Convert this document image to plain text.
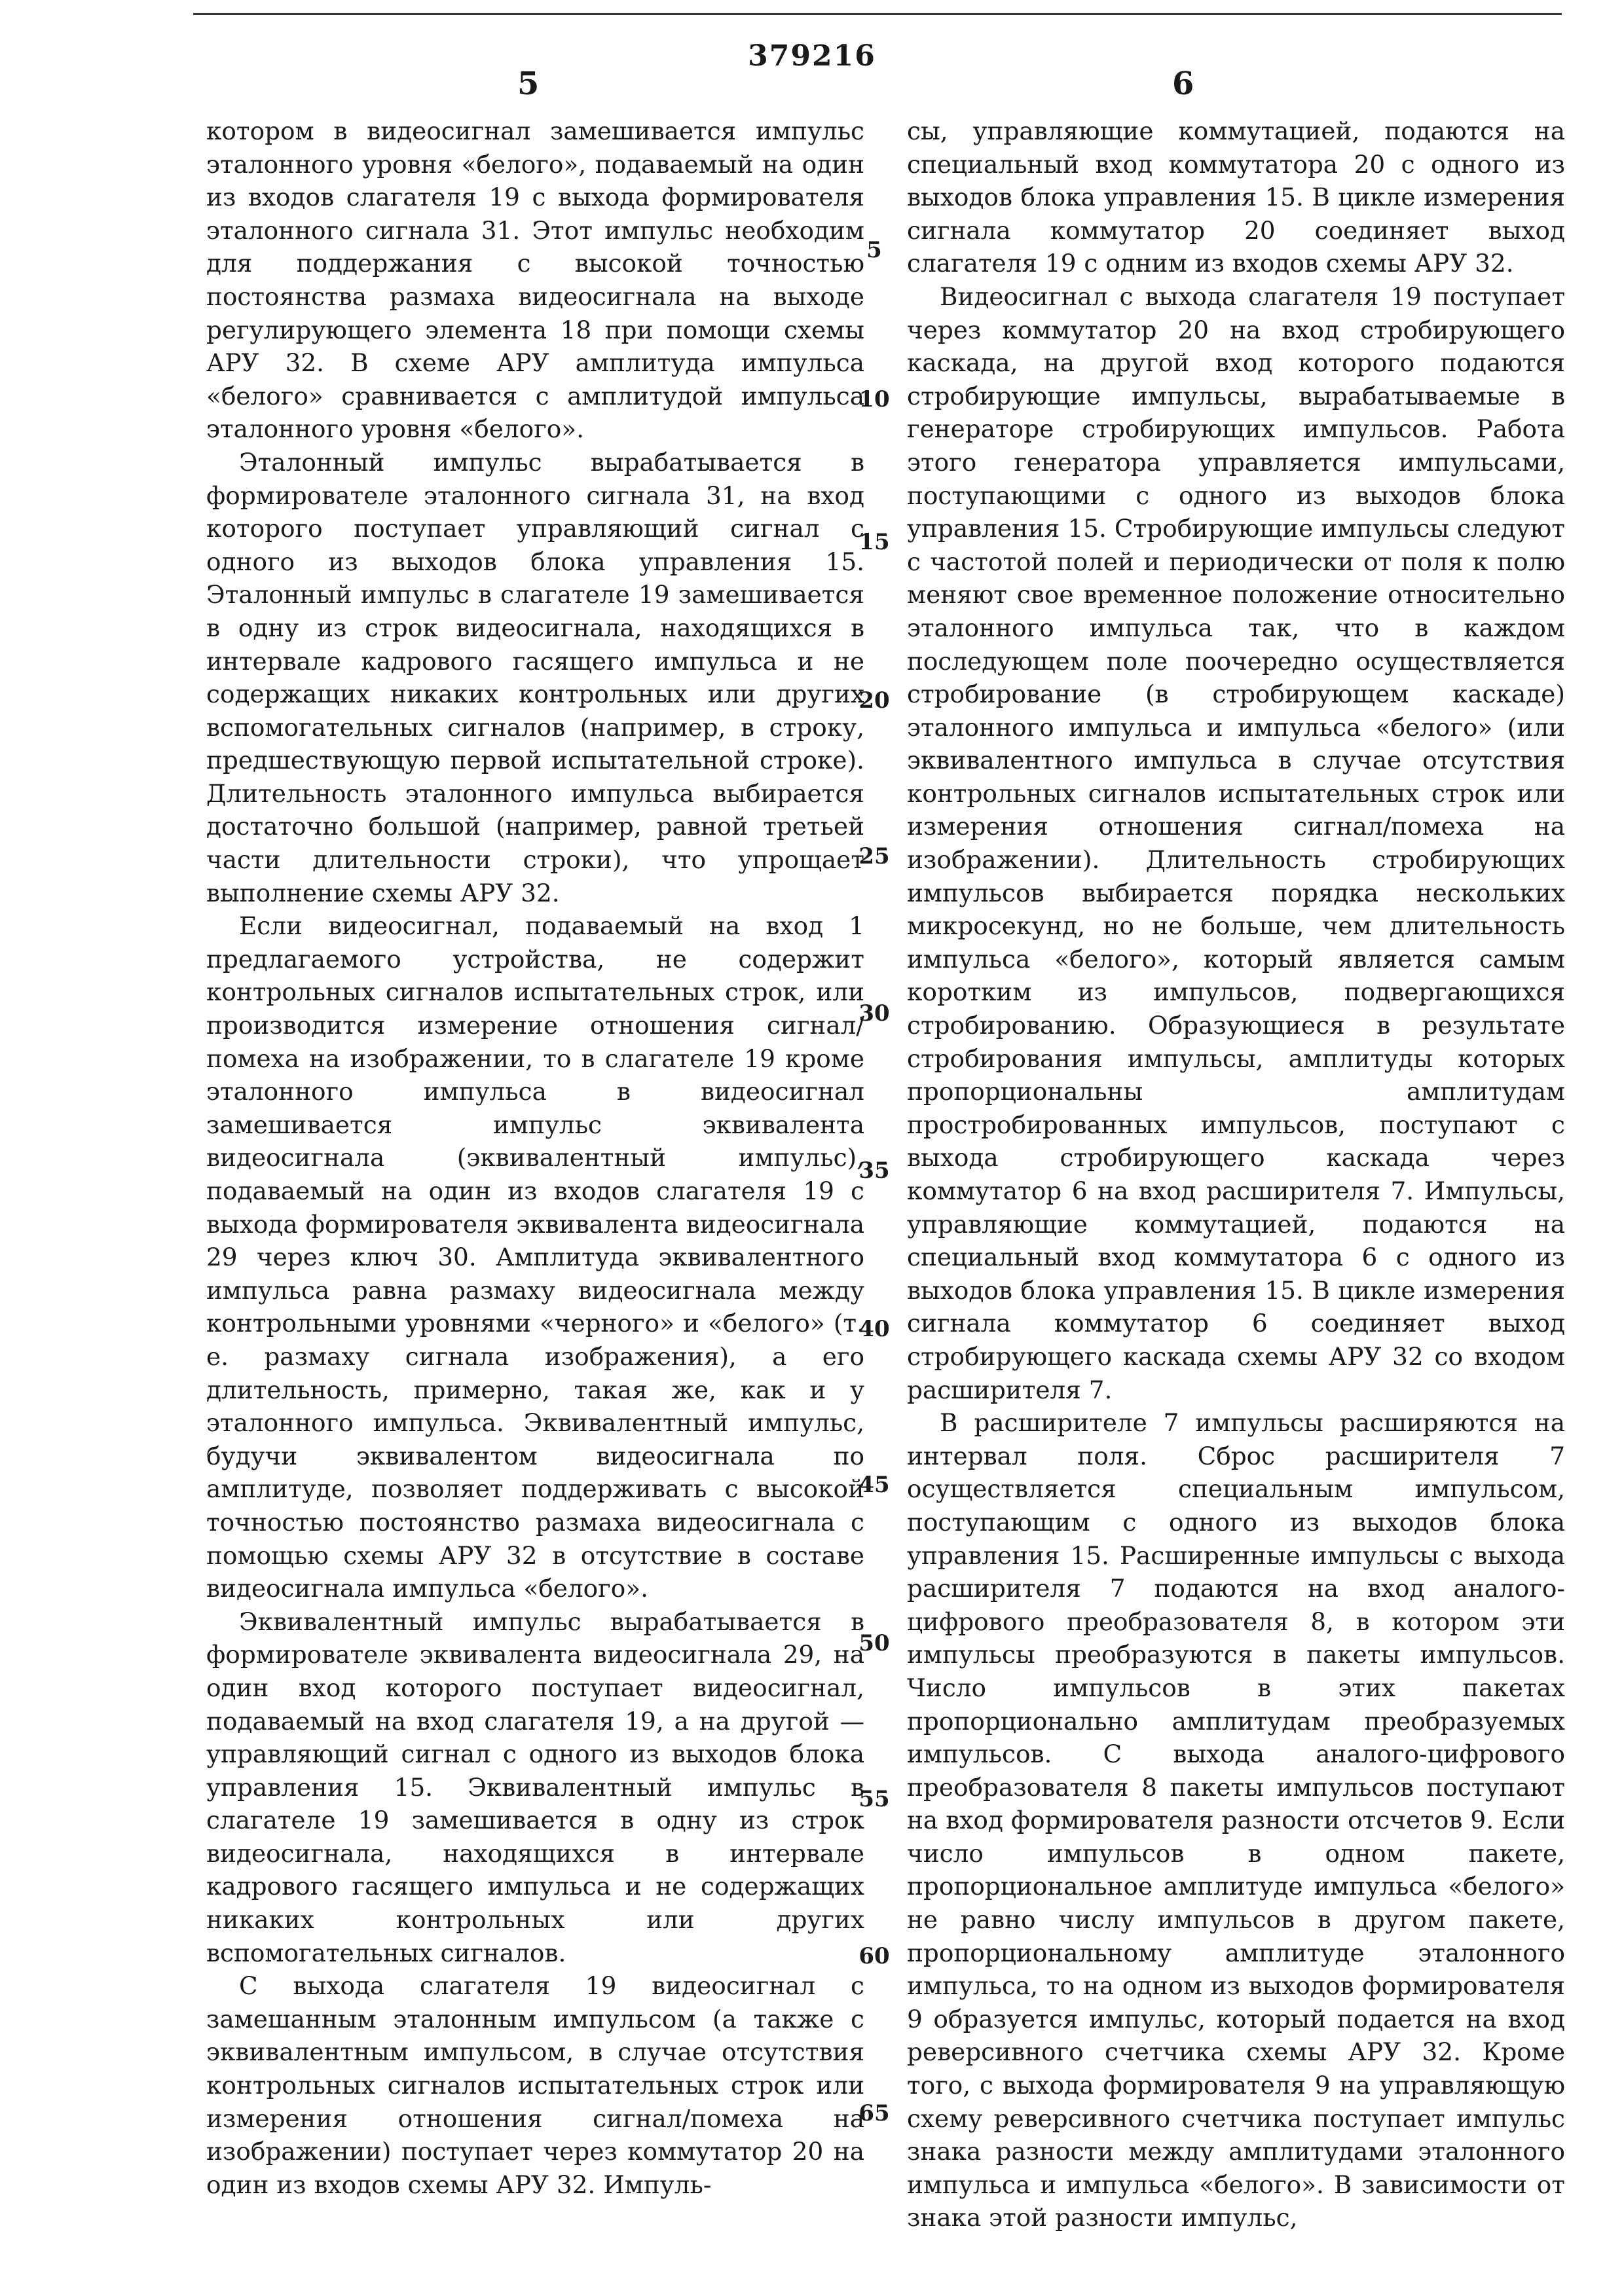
379216
5	6

котором в видеосигнал замешивается импульс эталонного уровня «белого», подаваемый на один из входов слагателя 19 с выхода формирователя эталонного сигнала 31. Этот импульс необходим для поддержания с высокой точностью постоянства размаха видеосигнала на выходе регулирующего элемента 18 при помощи схемы АРУ 32. В схеме АРУ амплитуда импульса «белого» сравнивается с амплитудой импульса эталонного уровня «белого».

Эталонный импульс вырабатывается в формирователе эталонного сигнала 31, на вход которого поступает управляющий сигнал с одного из выходов блока управления 15. Эталонный импульс в слагателе 19 замешивается в одну из строк видеосигнала, находящихся в интервале кадрового гасящего импульса и не содержащих никаких контрольных или других вспомогательных сигналов (например, в строку, предшествующую первой испытательной строке). Длительность эталонного импульса выбирается достаточно большой (например, равной третьей части длительности строки), что упрощает выполнение схемы АРУ 32.

Если видеосигнал, подаваемый на вход 1 предлагаемого устройства, не содержит контрольных сигналов испытательных строк, или производится измерение отношения сигнал/помеха на изображении, то в слагателе 19 кроме эталонного импульса в видеосигнал замешивается импульс эквивалента видеосигнала (эквивалентный импульс), подаваемый на один из входов слагателя 19 с выхода формирователя эквивалента видеосигнала 29 через ключ 30. Амплитуда эквивалентного импульса равна размаху видеосигнала между контрольными уровнями «черного» и «белого» (т. е. размаху сигнала изображения), а его длительность, примерно, такая же, как и у эталонного импульса. Эквивалентный импульс, будучи эквивалентом видеосигнала по амплитуде, позволяет поддерживать с высокой точностью постоянство размаха видеосигнала с помощью схемы АРУ 32 в отсутствие в составе видеосигнала импульса «белого».

Эквивалентный импульс вырабатывается в формирователе эквивалента видеосигнала 29, на один вход которого поступает видеосигнал, подаваемый на вход слагателя 19, а на другой — управляющий сигнал с одного из выходов блока управления 15. Эквивалентный импульс в слагателе 19 замешивается в одну из строк видеосигнала, находящихся в интервале кадрового гасящего импульса и не содержащих никаких контрольных или других вспомогательных сигналов.

С выхода слагателя 19 видеосигнал с замешанным эталонным импульсом (а также с эквивалентным импульсом, в случае отсутствия контрольных сигналов испытательных строк или измерения отношения сигнал/помеха на изображении) поступает через коммутатор 20 на один из входов схемы АРУ 32. Импуль-

5
10
15
20
25
30
35
40
45
50
55
60
65

сы, управляющие коммутацией, подаются на специальный вход коммутатора 20 с одного из выходов блока управления 15. В цикле измерения сигнала коммутатор 20 соединяет выход слагателя 19 с одним из входов схемы АРУ 32.

Видеосигнал с выхода слагателя 19 поступает через коммутатор 20 на вход стробирующего каскада, на другой вход которого подаются стробирующие импульсы, вырабатываемые в генераторе стробирующих импульсов. Работа этого генератора управляется импульсами, поступающими с одного из выходов блока управления 15. Стробирующие импульсы следуют с частотой полей и периодически от поля к полю меняют свое временное положение относительно эталонного импульса так, что в каждом последующем поле поочередно осуществляется стробирование (в стробирующем каскаде) эталонного импульса и импульса «белого» (или эквивалентного импульса в случае отсутствия контрольных сигналов испытательных строк или измерения отношения сигнал/помеха на изображении). Длительность стробирующих импульсов выбирается порядка нескольких микросекунд, но не больше, чем длительность импульса «белого», который является самым коротким из импульсов, подвергающихся стробированию. Образующиеся в результате стробирования импульсы, амплитуды которых пропорциональны амплитудам простробированных импульсов, поступают с выхода стробирующего каскада через коммутатор 6 на вход расширителя 7. Импульсы, управляющие коммутацией, подаются на специальный вход коммутатора 6 с одного из выходов блока управления 15. В цикле измерения сигнала коммутатор 6 соединяет выход стробирующего каскада схемы АРУ 32 со входом расширителя 7.

В расширителе 7 импульсы расширяются на интервал поля. Сброс расширителя 7 осуществляется специальным импульсом, поступающим с одного из выходов блока управления 15. Расширенные импульсы с выхода расширителя 7 подаются на вход аналого-цифрового преобразователя 8, в котором эти импульсы преобразуются в пакеты импульсов. Число импульсов в этих пакетах пропорционально амплитудам преобразуемых импульсов. С выхода аналого-цифрового преобразователя 8 пакеты импульсов поступают на вход формирователя разности отсчетов 9. Если число импульсов в одном пакете, пропорциональное амплитуде импульса «белого» не равно числу импульсов в другом пакете, пропорциональному амплитуде эталонного импульса, то на одном из выходов формирователя 9 образуется импульс, который подается на вход реверсивного счетчика схемы АРУ 32. Кроме того, с выхода формирователя 9 на управляющую схему реверсивного счетчика поступает импульс знака разности между амплитудами эталонного импульса и импульса «белого». В зависимости от знака этой разности импульс,
